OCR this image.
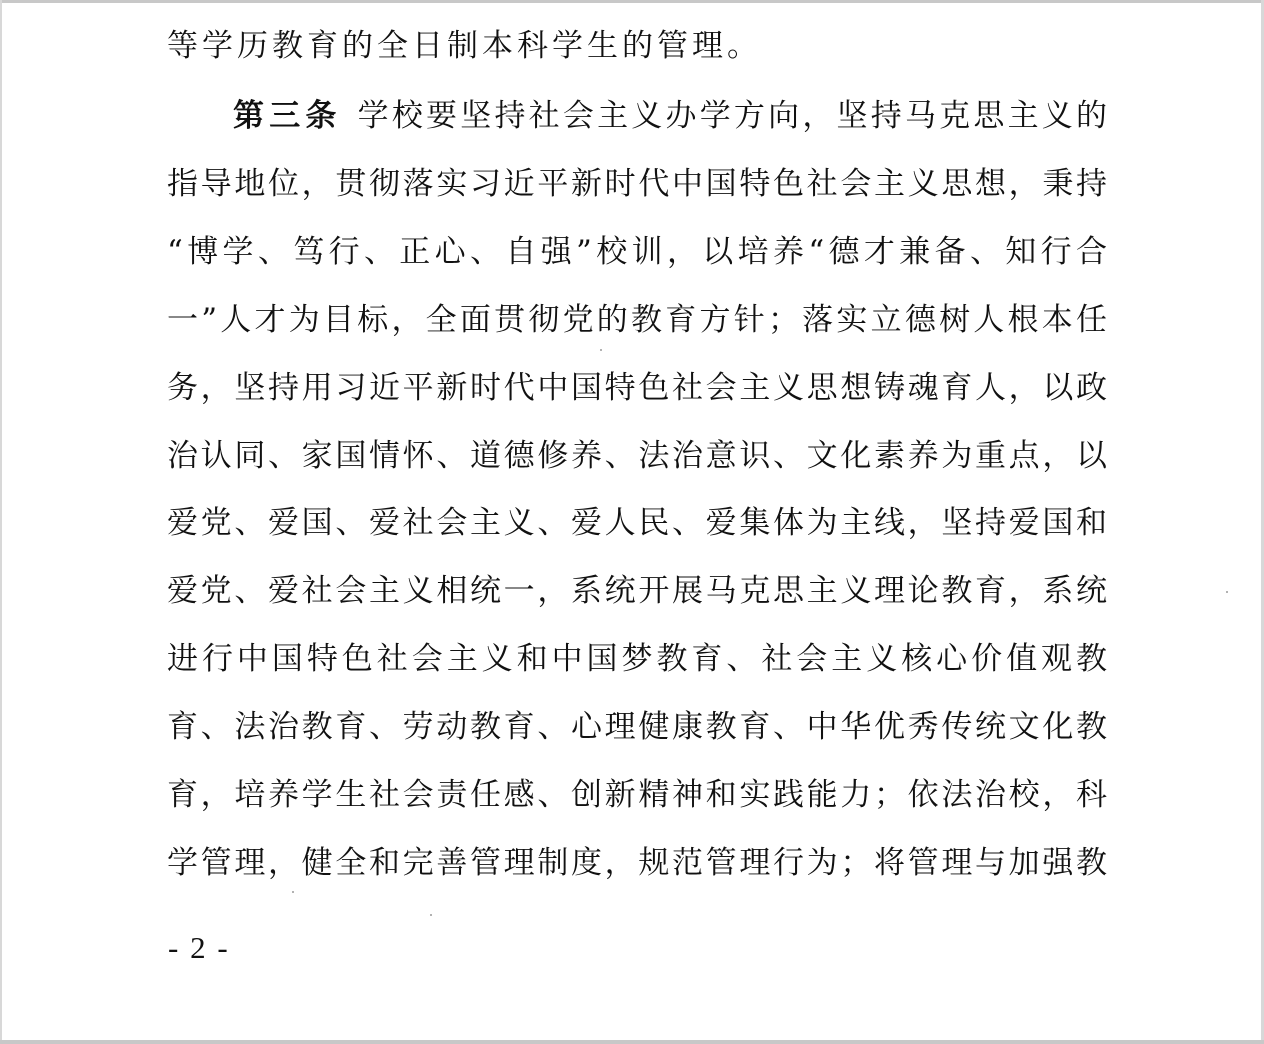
等学历教育的全日制本科学生的管理。
第三条 学校要坚持社会主义办学方向，坚持马克思主义的
指导地位，贯彻落实习近平新时代中国特色社会主义思想，秉持
“博学、笃行、正心、自强”校训，以培养“德才兼备、知行合
一”人才为目标，全面贯彻党的教育方针；落实立德树人根本任
务，坚持用习近平新时代中国特色社会主义思想铸魂育人，以政
治认同、家国情怀、道德修养、法治意识、文化素养为重点，以
爱党、爱国、爱社会主义、爱人民、爱集体为主线，坚持爱国和
爱党、爱社会主义相统一，系统开展马克思主义理论教育，系统
进行中国特色社会主义和中国梦教育、社会主义核心价值观教
育、法治教育、劳动教育、心理健康教育、中华优秀传统文化教
育，培养学生社会责任感、创新精神和实践能力；依法治校，科
学管理，健全和完善管理制度，规范管理行为；将管理与加强教
- 2 -
